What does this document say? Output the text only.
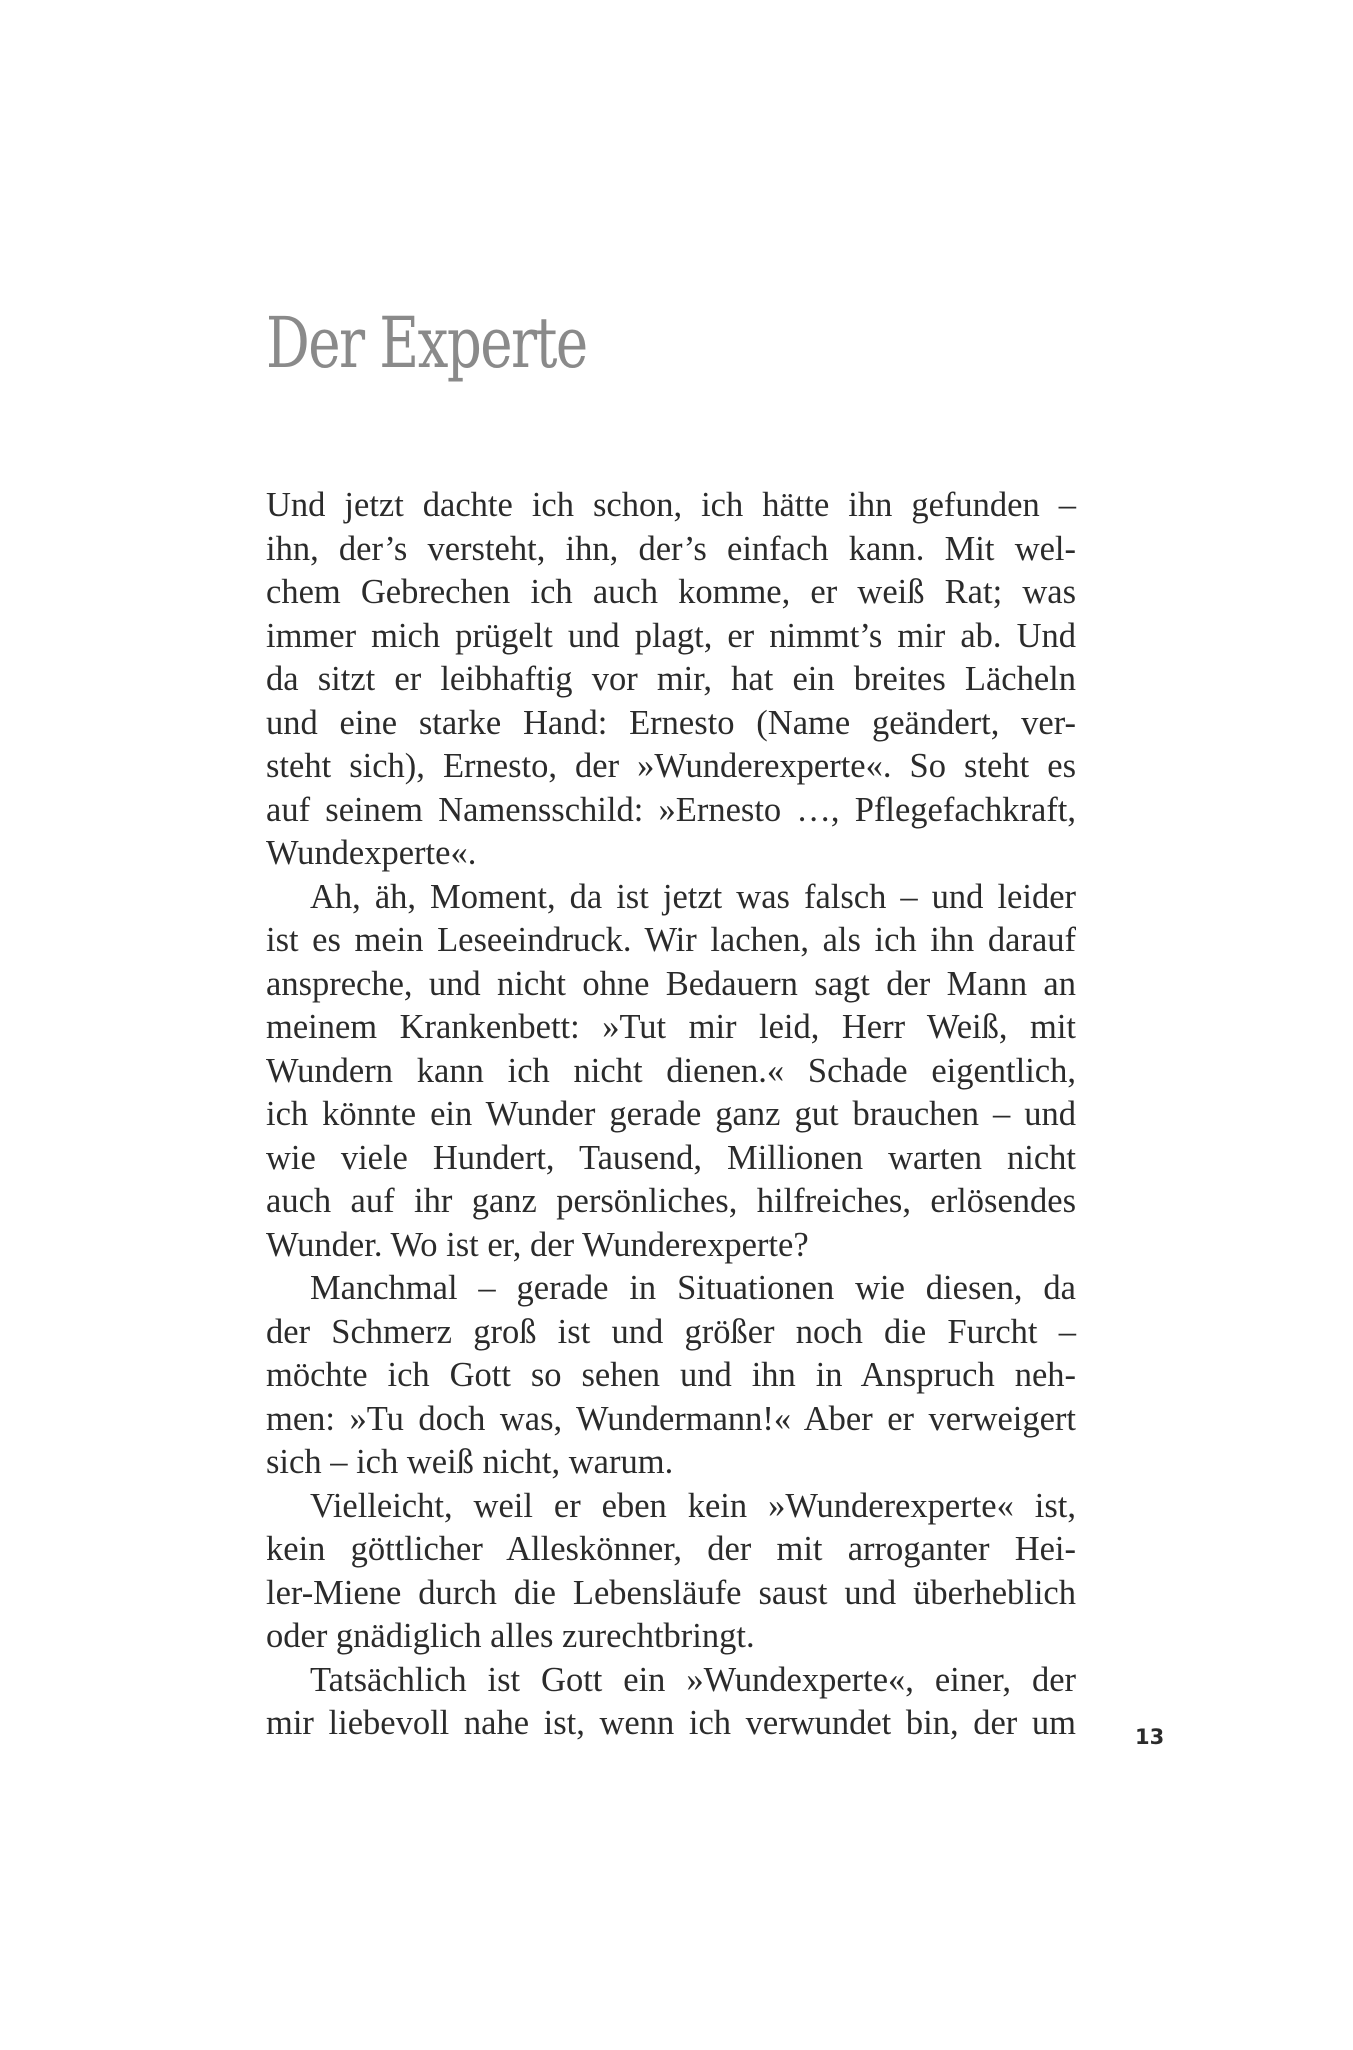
Der Experte
Und jetzt dachte ich schon, ich hätte ihn gefunden –
ihn, der’s versteht, ihn, der’s einfach kann. Mit wel-
chem Gebrechen ich auch komme, er weiß Rat; was
immer mich prügelt und plagt, er nimmt’s mir ab. Und
da sitzt er leibhaftig vor mir, hat ein breites Lächeln
und eine starke Hand: Ernesto (Name geändert, ver-
steht sich), Ernesto, der »Wunderexperte«. So steht es
auf seinem Namensschild: »Ernesto …, Pflegefachkraft,
Wundexperte«.
Ah, äh, Moment, da ist jetzt was falsch – und leider
ist es mein Leseeindruck. Wir lachen, als ich ihn darauf
anspreche, und nicht ohne Bedauern sagt der Mann an
meinem Krankenbett: »Tut mir leid, Herr Weiß, mit
Wundern kann ich nicht dienen.« Schade eigentlich,
ich könnte ein Wunder gerade ganz gut brauchen – und
wie viele Hundert, Tausend, Millionen warten nicht
auch auf ihr ganz persönliches, hilfreiches, erlösendes
Wunder. Wo ist er, der Wunderexperte?
Manchmal – gerade in Situationen wie diesen, da
der Schmerz groß ist und größer noch die Furcht –
möchte ich Gott so sehen und ihn in Anspruch neh-
men: »Tu doch was, Wundermann!« Aber er verweigert
sich – ich weiß nicht, warum.
Vielleicht, weil er eben kein »Wunderexperte« ist,
kein göttlicher Alleskönner, der mit arroganter Hei-
ler-Miene durch die Lebensläufe saust und überheblich
oder gnädiglich alles zurechtbringt.
Tatsächlich ist Gott ein »Wundexperte«, einer, der
mir liebevoll nahe ist, wenn ich verwundet bin, der um	13
